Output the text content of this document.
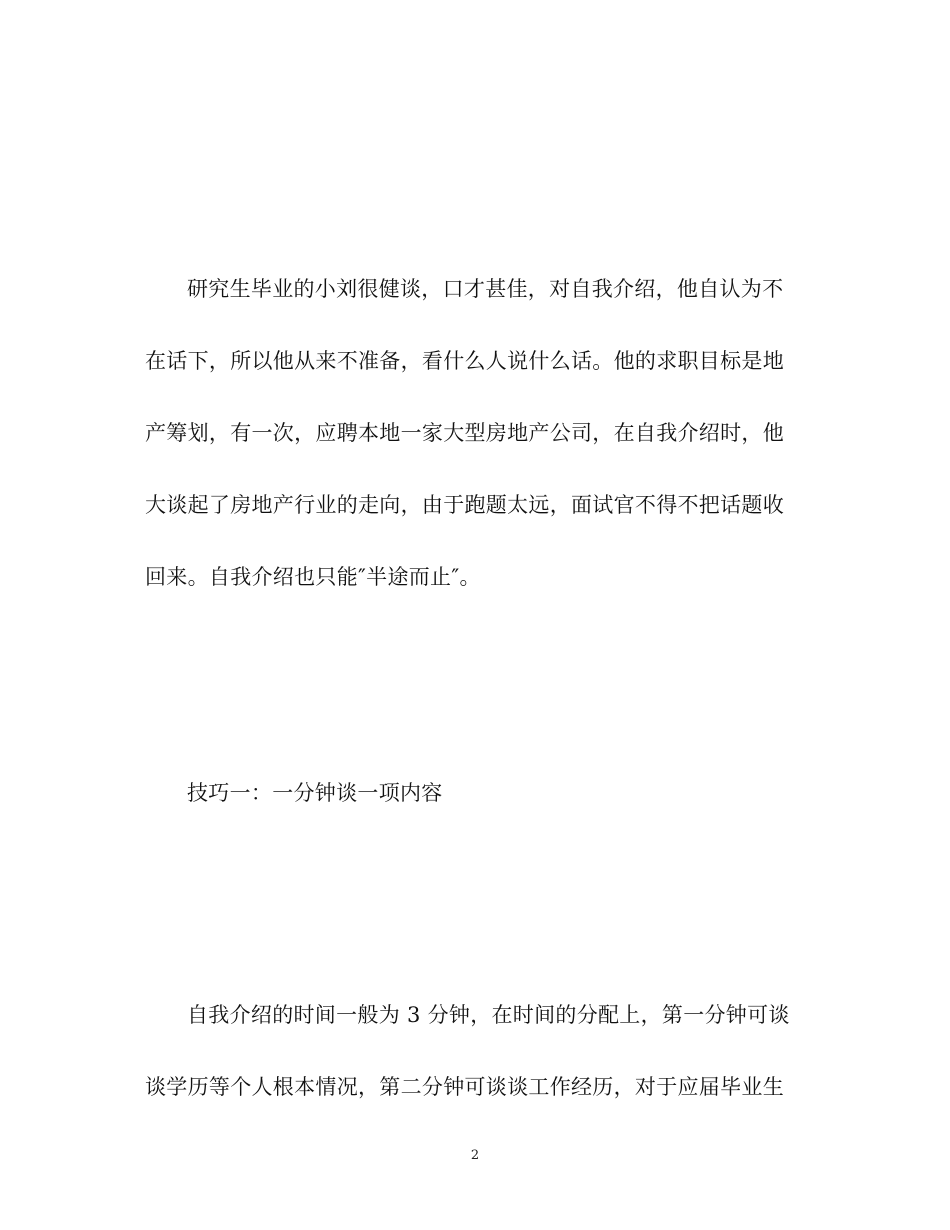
研究生毕业的小刘很健谈，口才甚佳，对自我介绍，他自认为不
在话下，所以他从来不准备，看什么人说什么话。他的求职目标是地
产筹划，有一次，应聘本地一家大型房地产公司，在自我介绍时，他
大谈起了房地产行业的走向，由于跑题太远，面试官不得不把话题收
回来。自我介绍也只能″半途而止″。
技巧一：一分钟谈一项内容
自我介绍的时间一般为 3 分钟，在时间的分配上，第一分钟可谈
谈学历等个人根本情况，第二分钟可谈谈工作经历，对于应届毕业生
2
